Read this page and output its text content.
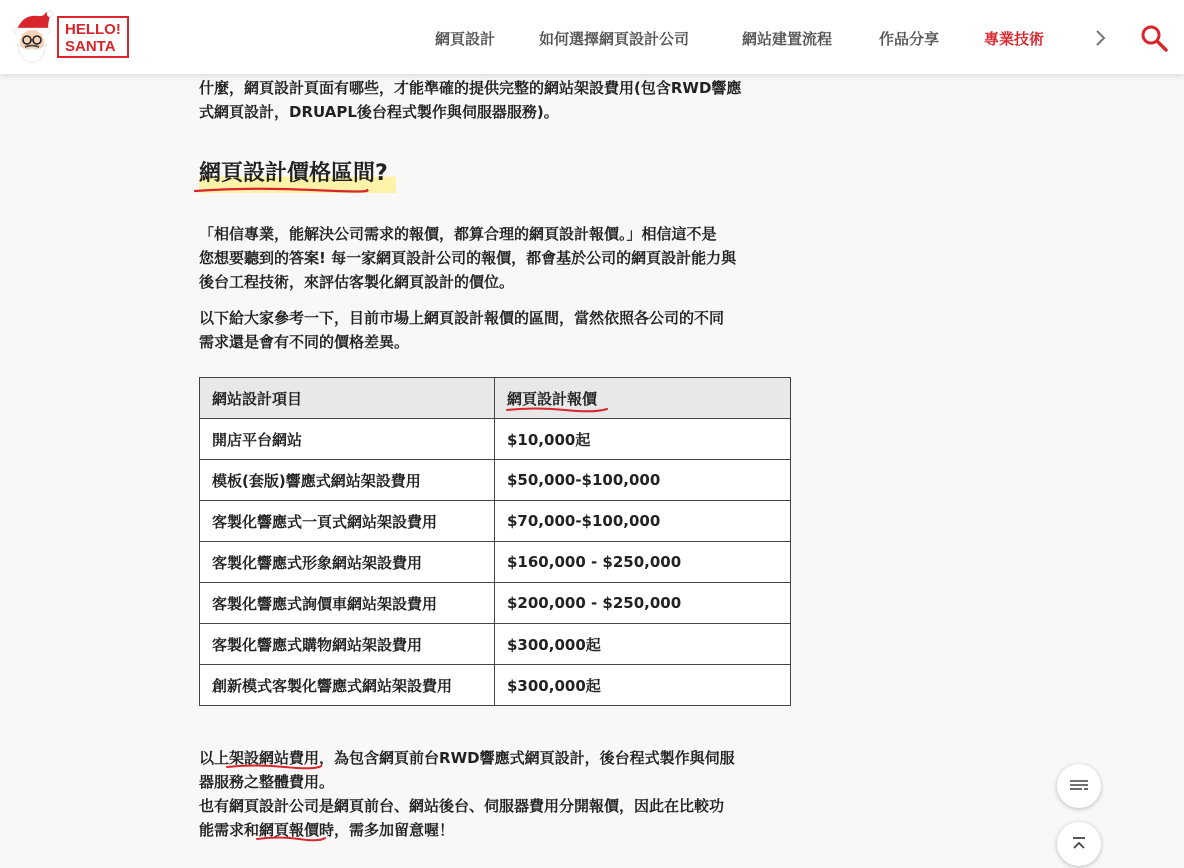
HELLO!
SANTA	網頁設計	如何選擇網頁設計公司	網站建置流程	作品分享	專業技術
什麼，網頁設計頁面有哪些，才能準確的提供完整的網站架設費用(包含RWD響應
式網頁設計，DRUAPL後台程式製作與伺服器服務)。
網頁設計價格區間?
「相信專業，能解決公司需求的報價，都算合理的網頁設計報價。」相信這不是
您想要聽到的答案! 每一家網頁設計公司的報價，都會基於公司的網頁設計能力與
後台工程技術，來評估客製化網頁設計的價位。
以下給大家參考一下，目前市場上網頁設計報價的區間，當然依照各公司的不同
需求還是會有不同的價格差異。
網站設計項目	網頁設計報價

開店平台網站	$10,000起
模板(套版)響應式網站架設費用	$50,000-$100,000
客製化響應式一頁式網站架設費用	$70,000-$100,000
客製化響應式形象網站架設費用	$160,000 - $250,000
客製化響應式詢價車網站架設費用	$200,000 - $250,000
客製化響應式購物網站架設費用	$300,000起
創新模式客製化響應式網站架設費用	$300,000起
以上架設網站費用
，為包含網頁前台RWD響應式網頁設計，後台程式製作與伺服
器服務之整體費用。
也有網頁設計公司是網頁前台、網站後台、伺服器費用分開報價，因此在比較功
能需求和網頁報價
時，需多加留意喔！
